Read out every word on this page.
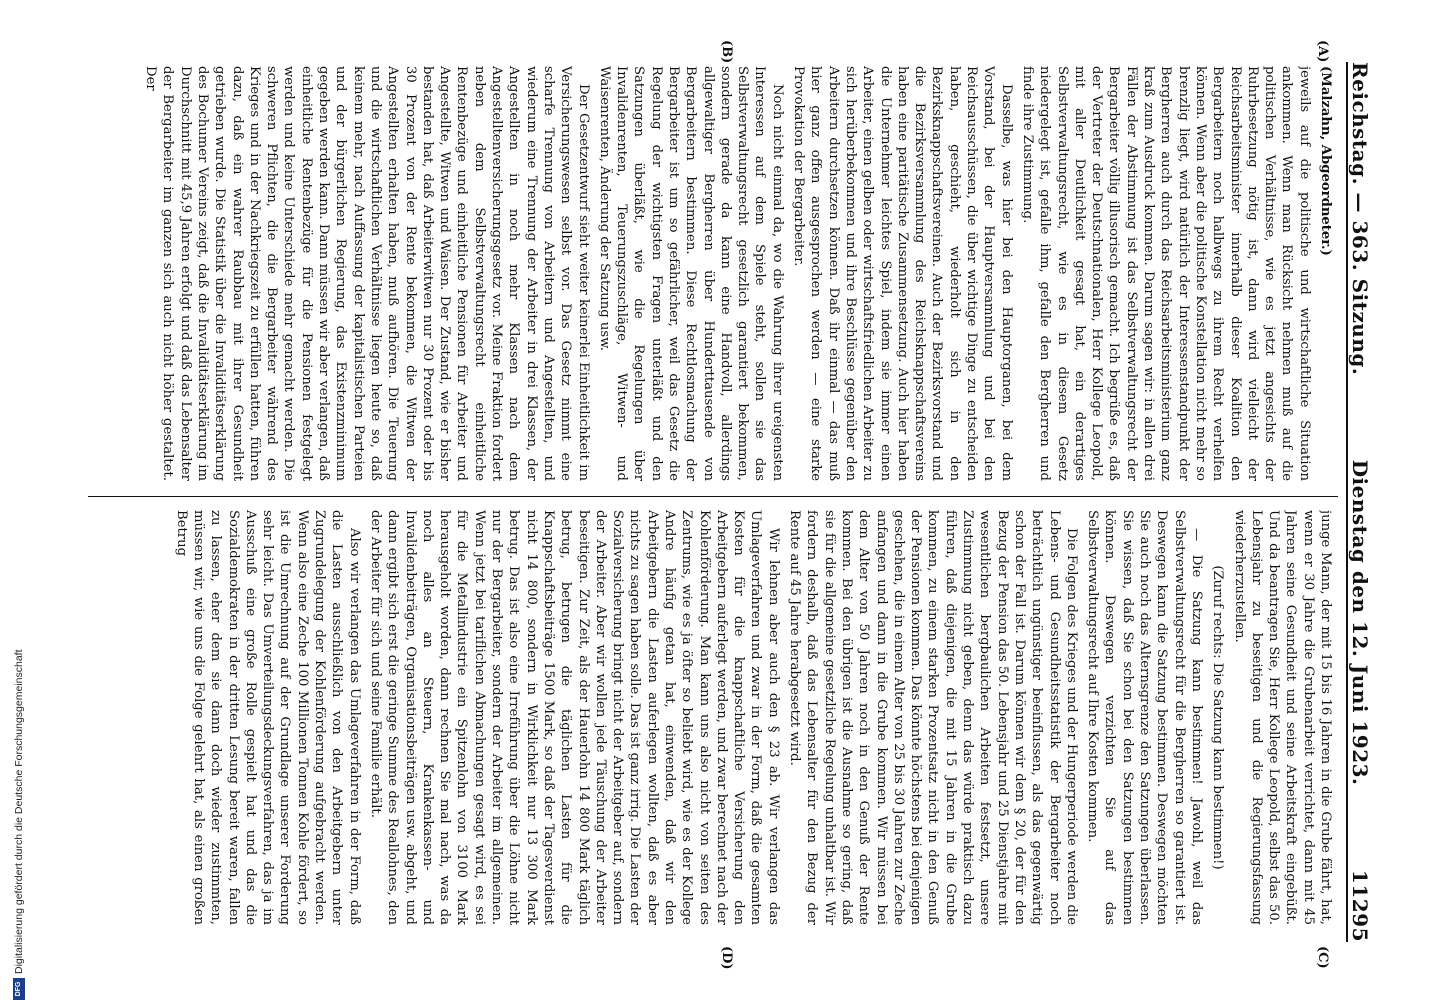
Reichstag. — 363. Sitzung.
Dienstag den 12. Juni 1923.
11295
(A)
(B)
(C)
(D)

(Malzahn, Abgeordneter.)

jeweils auf die politische und wirtschaftliche Situation ankommen. Wenn man Rücksicht nehmen muß auf die politischen Verhältnisse, wie es jetzt angesichts der Ruhrbesetzung nötig ist, dann wird vielleicht der Reichsarbeitsminister innerhalb dieser Koalition den Bergarbeitern noch halbwegs zu ihrem Recht verhelfen können. Wenn aber die politische Konstellation nicht mehr so brenzlig liegt, wird natürlich der Interessenstandpunkt der Bergherren auch durch das Reichsarbeitsministerium ganz kraß zum Ausdruck kommen. Darum sagen wir: in allen drei Fällen der Abstimmung ist das Selbstverwaltungsrecht der Bergarbeiter völlig illusorisch gemacht. Ich begrüße es, daß der Vertreter der Deutschnationalen, Herr Kollege Leopold, mit aller Deutlichkeit gesagt hat, ein derartiges Selbstverwaltungsrecht, wie es in diesem Gesetz niedergelegt ist, gefalle ihm, gefalle den Bergherren und finde ihre Zustimmung.

Dasselbe, was hier bei den Hauptorganen, bei dem Vorstand, bei der Hauptversammlung und bei den Reichsausschüssen, die über wichtige Dinge zu entscheiden haben, geschieht, wiederholt sich in den Bezirksknappschaftsvereinen. Auch der Bezirksvorstand und die Bezirksversammlung des Reichsknappschaftsvereins haben eine paritätische Zusammensetzung. Auch hier haben die Unternehmer leichtes Spiel, indem sie immer einen Arbeiter, einen gelben oder wirtschaftsfriedlichen Arbeiter zu sich herüberbekommen und ihre Beschlüsse gegenüber den Arbeitern durchsetzen können. Daß ihr einmal — das muß hier ganz offen ausgesprochen werden — eine starke Provokation der Bergarbeiter.

Noch nicht einmal da, wo die Wahrung ihrer ureigensten Interessen auf dem Spiele steht, sollen sie das Selbstverwaltungsrecht gesetzlich garantiert bekommen, sondern gerade da kann eine Handvoll, allerdings allgewaltiger Bergherren über Hunderttausende von Bergarbeitern bestimmen. Diese Rechtlosmachung der Bergarbeiter ist um so gefährlicher, weil das Gesetz die Regelung der wichtigsten Fragen unterläßt und den Satzungen überläßt, wie die Regelungen über Invalidenrenten, Teuerungszuschläge, Witwen- und Waisenrenten, Änderung der Satzung usw.

Der Gesetzentwurf sieht weiter keinerlei Einheitlichkeit im Versicherungswesen selbst vor. Das Gesetz nimmt eine scharfe Trennung von Arbeitern und Angestellten, und wiederum eine Trennung der Arbeiter in drei Klassen, der Angestellten in noch mehr Klassen nach dem Angestelltenversicherungsgesetz vor. Meine Fraktion fordert neben dem Selbstverwaltungsrecht einheitliche Rentenbezüge und einheitliche Pensionen für Arbeiter und Angestellte, Witwen und Waisen. Der Zustand, wie er bisher bestanden hat, daß Arbeiterwitwen nur 30 Prozent oder bis 30 Prozent von der Rente bekommen, die Witwen der Angestellten erhalten haben, muß aufhören. Die Teuerung und die wirtschaftlichen Verhältnisse liegen heute so, daß keinem mehr, nach Auffassung der kapitalistischen Parteien und der bürgerlichen Regierung, das Existenzminimum gegeben werden kann. Dann müssen wir aber verlangen, daß einheitliche Rentenbezüge für die Pensionen festgelegt werden und keine Unterschiede mehr gemacht werden. Die schweren Pflichten, die die Bergarbeiter während des Krieges und in der Nachkriegszeit zu erfüllen hatten, führen dazu, daß ein wahrer Raubbau mit ihrer Gesundheit getrieben wurde. Die Statistik über die Invaliditätserklärung des Bochumer Vereins zeigt, daß die Invaliditätserklärung im Durchschnitt mit 45,9 Jahren erfolgt und daß das Lebensalter der Bergarbeiter im ganzen sich auch nicht höher gestaltet. Der

junge Mann, der mit 15 bis 16 Jahren in die Grube fährt, hat, wenn er 30 Jahre die Grubenarbeit verrichtet, dann mit 45 Jahren seine Gesundheit und seine Arbeitskraft eingebüßt. Und da beantragen Sie, Herr Kollege Leopold, selbst das 50. Lebensjahr zu beseitigen und die Regierungsfassung wiederherzustellen.

(Zuruf rechts: Die Satzung kann bestimmen!)

— Die Satzung kann bestimmen! Jawohl, weil das Selbstverwaltungsrecht für die Bergherren so garantiert ist. Deswegen kann die Satzung bestimmen. Deswegen möchten Sie auch noch das Alternsgrenze den Satzungen überlassen. Sie wissen, daß Sie schon bei den Satzungen bestimmen können. Deswegen verzichten Sie auf das Selbstverwaltungsrecht auf Ihre Kosten kommen.

Die Folgen des Krieges und der Hungerperiode werden die Lebens- und Gesundheitsstatistik der Bergarbeiter noch beträchtlich ungünstiger beeinflussen, als das gegenwärtig schon der Fall ist. Darum können wir dem § 20, der für den Bezug der Pension das 50. Lebensjahr und 25 Dienstjahre mit wesentlichen bergbaulichen Arbeiten festsetzt, unsere Zustimmung nicht geben, denn das würde praktisch dazu führen, daß diejenigen, die mit 15 Jahren in die Grube kommen, zu einem starken Prozentsatz nicht in den Genuß der Pensionen kommen. Das könnte höchstens bei denjenigen geschehen, die in einem Alter von 25 bis 30 Jahren zur Zeche anfangen und dann in die Grube kommen. Wir müssen bei dem Alter von 50 Jahren noch in den Genuß der Rente kommen. Bei den übrigen ist die Ausnahme so gering, daß sie für die allgemeine gesetzliche Regelung unhaltbar ist. Wir fordern deshalb, daß das Lebensalter für den Bezug der Rente auf 45 Jahre herabgesetzt wird.

Wir lehnen aber auch den § 23 ab. Wir verlangen das Umlageverfahren und zwar in der Form, daß die gesamten Kosten für die knappschaftliche Versicherung den Arbeitgebern auferlegt werden, und zwar berechnet nach der Kohlenförderung. Man kann uns also nicht von seiten des Zentrums, wie es ja öfter so beliebt wird, wie es der Kollege Andre häufig getan hat, einwenden, daß wir den Arbeitgebern die Lasten auferlegen wollten, daß es aber nichts zu sagen haben solle. Das ist ganz irrig. Die Lasten der Sozialversicherung bringt nicht der Arbeitgeber auf, sondern der Arbeiter. Aber wir wollen jede Täuschung der Arbeiter beseitigen. Zur Zeit, als der Hauerlohn 14 800 Mark täglich betrug, betrugen die täglichen Lasten für die Knappschaftsbeiträge 1500 Mark, so daß der Tagesverdienst nicht 14 800, sondern in Wirklichkeit nur 13 300 Mark betrug. Das ist also eine Irreführung über die Löhne nicht nur der Bergarbeiter, sondern der Arbeiter im allgemeinen. Wenn jetzt bei tariflichen Abmachungen gesagt wird, es sei für die Metallindustrie ein Spitzenlohn von 3100 Mark herausgeholt worden, dann rechnen Sie mal nach, was da noch alles an Steuern, Krankenkassen- und Invalidenbeiträgen, Organisationsbeiträgen usw. abgeht, und dann ergibt sich erst die geringe Summe des Reallohnes, den der Arbeiter für sich und seine Familie erhält.

Also wir verlangen das Umlageverfahren in der Form, daß die Lasten ausschließlich von den Arbeitgebern unter Zugrundelegung der Kohlenförderung aufgebracht werden. Wenn also eine Zeche 100 Millionen Tonnen Kohle fördert, so ist die Umrechnung auf der Grundlage unserer Forderung sehr leicht. Das Umverteilungsdeckungsverfahren, das ja im Ausschuß eine große Rolle gespielt hat und das die Sozialdemokraten in der dritten Lesung bereit waren, fallen zu lassen, eher dem sie dann doch wieder zustimmten, müssen wir, wie uns die Folge gelehrt hat, als einen großen Betrug

DFG
Digitalisierung gefördert durch die Deutsche Forschungsgemeinschaft
